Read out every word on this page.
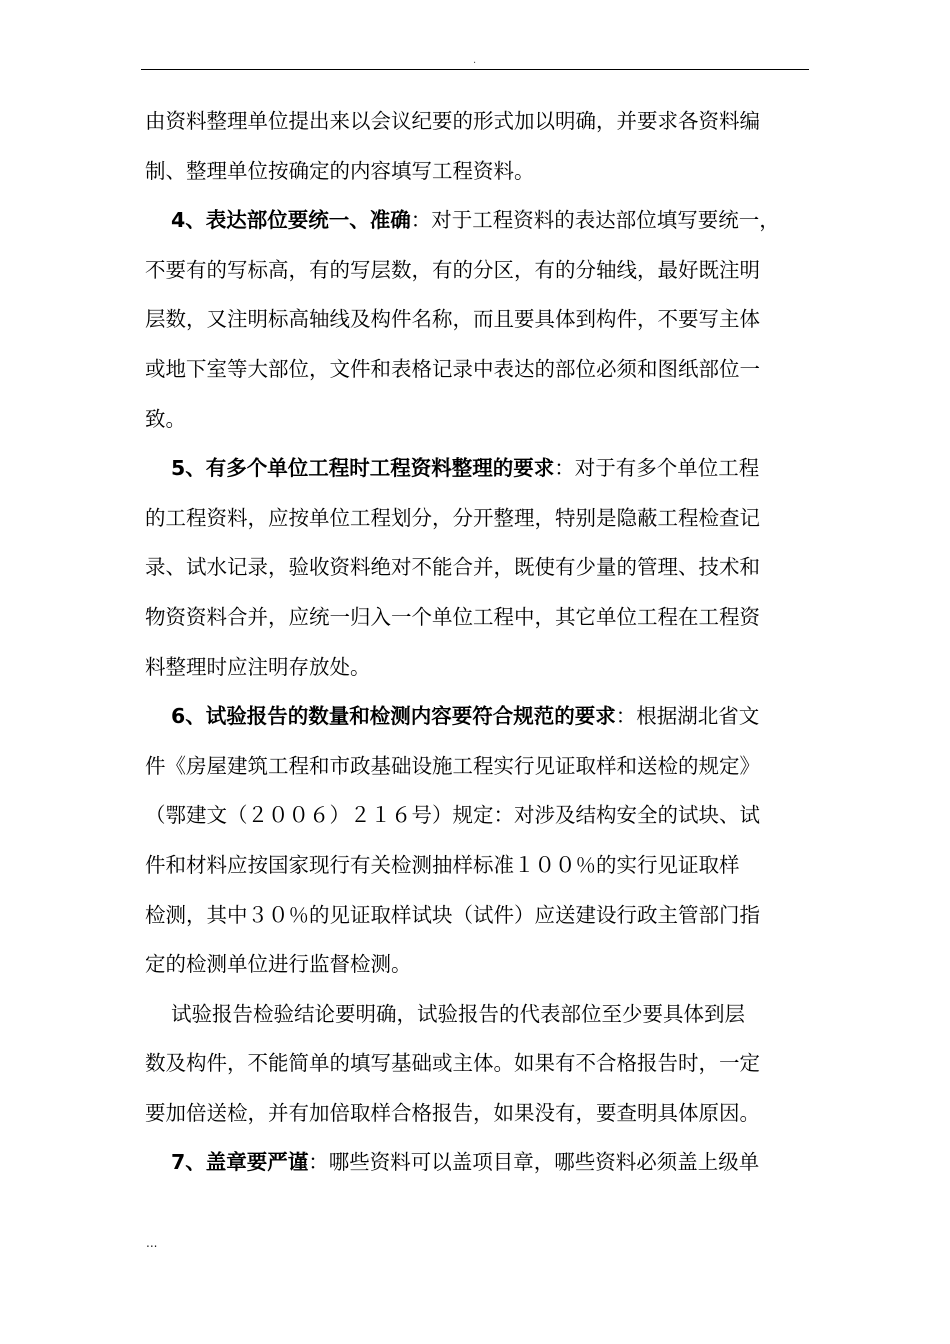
.

由资料整理单位提出来以会议纪要的形式加以明确，并要求各资料编

制、整理单位按确定的内容填写工程资料。

4、表达部位要统一、准确：对于工程资料的表达部位填写要统一，

不要有的写标高，有的写层数，有的分区，有的分轴线，最好既注明

层数，又注明标高轴线及构件名称，而且要具体到构件，不要写主体

或地下室等大部位，文件和表格记录中表达的部位必须和图纸部位一

致。

5、有多个单位工程时工程资料整理的要求：对于有多个单位工程

的工程资料，应按单位工程划分，分开整理，特别是隐蔽工程检查记

录、试水记录，验收资料绝对不能合并，既使有少量的管理、技术和

物资资料合并，应统一归入一个单位工程中，其它单位工程在工程资

料整理时应注明存放处。

6、试验报告的数量和检测内容要符合规范的要求：根据湖北省文

件《房屋建筑工程和市政基础设施工程实行见证取样和送检的规定》

（鄂建文（２００６）２１６号）规定：对涉及结构安全的试块、试

件和材料应按国家现行有关检测抽样标准１００％的实行见证取样

检测，其中３０％的见证取样试块（试件）应送建设行政主管部门指

定的检测单位进行监督检测。

试验报告检验结论要明确，试验报告的代表部位至少要具体到层

数及构件，不能简单的填写基础或主体。如果有不合格报告时，一定

要加倍送检，并有加倍取样合格报告，如果没有，要查明具体原因。

7、盖章要严谨：哪些资料可以盖项目章，哪些资料必须盖上级单

...
